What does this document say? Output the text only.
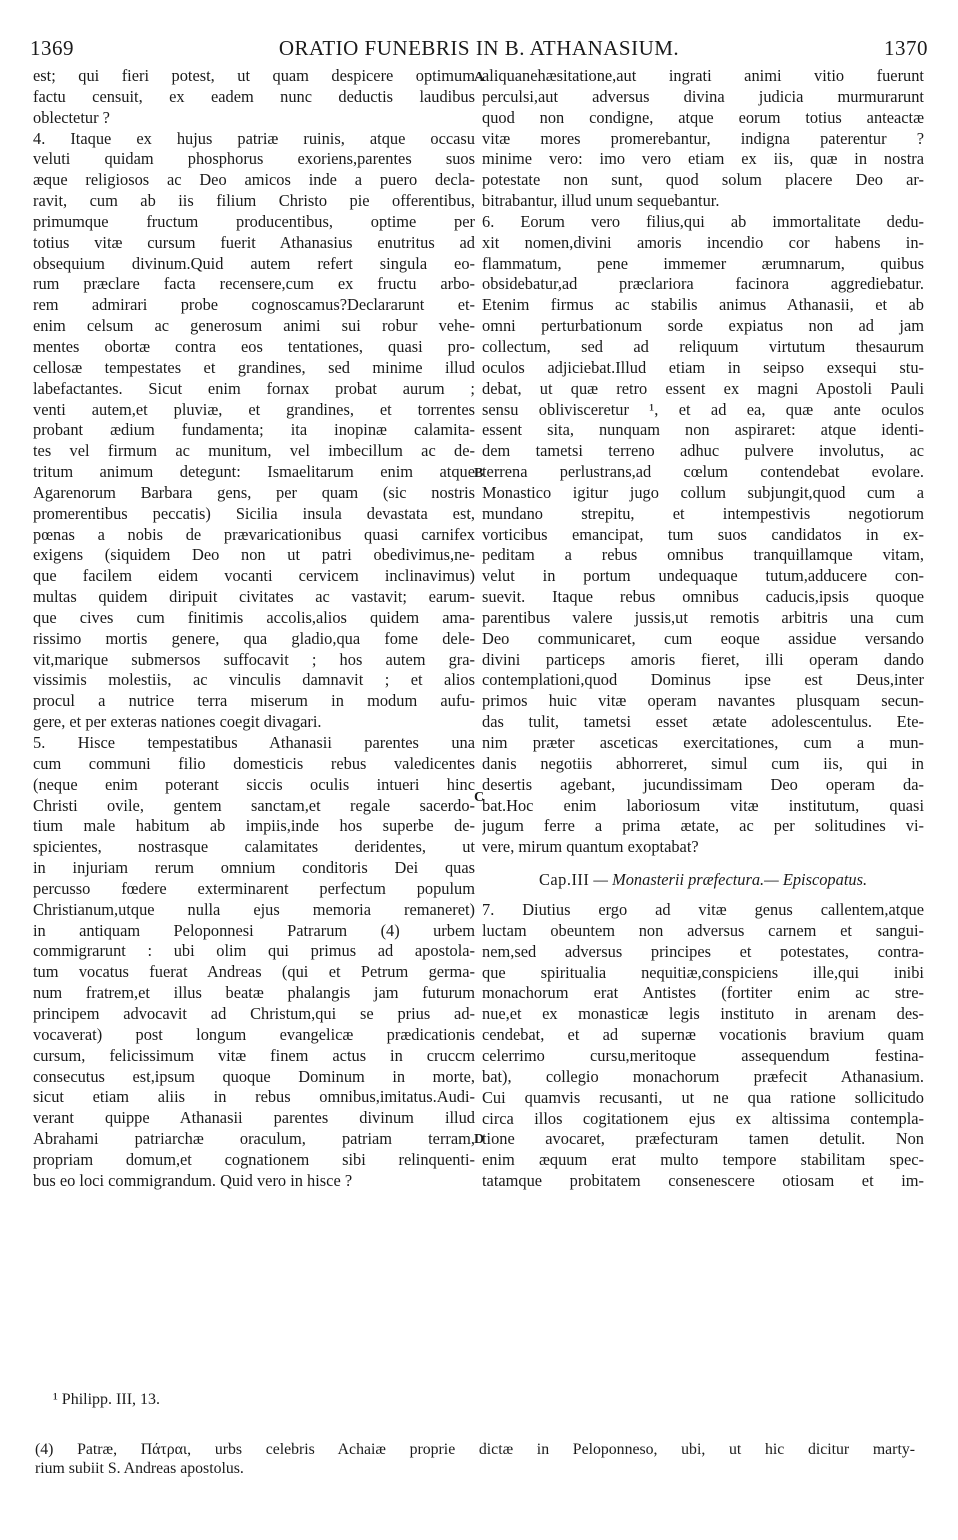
1369	ORATIO FUNEBRIS IN B. ATHANASIUM.	1370
est; qui fieri potest, ut quam despicere optimum
factu censuit, ex eadem nunc deductis laudibus
oblectetur ?
4. Itaque ex hujus patriæ ruinis, atque occasu
veluti quidam phosphorus exoriens,parentes suos
æque religiosos ac Deo amicos inde a puero decla-
ravit, cum ab iis filium Christo pie offerentibus,
primumque fructum producentibus, optime per
totius vitæ cursum fuerit Athanasius enutritus ad
obsequium divinum.Quid autem refert singula eo-
rum præclare facta recensere,cum ex fructu arbo-
rem admirari probe cognoscamus?Declararunt et-
enim celsum ac generosum animi sui robur vehe-
mentes obortæ contra eos tentationes, quasi pro-
cellosæ tempestates et grandines, sed minime illud
labefactantes. Sicut enim fornax probat aurum ;
venti autem,et pluviæ, et grandines, et torrentes
probant ædium fundamenta; ita inopinæ calamita-
tes vel firmum ac munitum, vel imbecillum ac de-
tritum animum detegunt: Ismaelitarum enim atque
Agarenorum Barbara gens, per quam (sic nostris
promerentibus peccatis) Sicilia insula devastata est,
pœnas a nobis de prævaricationibus quasi carnifex
exigens (siquidem Deo non ut patri obedivimus,ne-
que facilem eidem vocanti cervicem inclinavimus)
multas quidem diripuit civitates ac vastavit; earum-
que cives cum finitimis accolis,alios quidem ama-
rissimo mortis genere, qua gladio,qua fome dele-
vit,marique submersos suffocavit ; hos autem gra-
vissimis molestiis, ac vinculis damnavit ; et alios
procul a nutrice terra miserum in modum aufu-
gere, et per exteras nationes coegit divagari.
5. Hisce tempestatibus Athanasii parentes una
cum communi filio domesticis rebus valedicentes
(neque enim poterant siccis oculis intueri hinc
Christi ovile, gentem sanctam,et regale sacerdo-
tium male habitum ab impiis,inde hos superbe de-
spicientes, nostrasque calamitates deridentes, ut
in injuriam rerum omnium conditoris Dei quas
percusso fœdere exterminarent perfectum populum
Christianum,utque nulla ejus memoria remaneret)
in antiquam Peloponnesi Patrarum (4) urbem
commigrarunt : ubi olim qui primus ad apostola-
tum vocatus fuerat Andreas (qui et Petrum germa-
num fratrem,et illus beatæ phalangis jam futurum
principem advocavit ad Christum,qui se prius ad-
vocaverat) post longum evangelicæ prædicationis
cursum, felicissimum vitæ finem actus in cruccm
consecutus est,ipsum quoque Dominum in morte,
sicut etiam aliis in rebus omnibus,imitatus.Audi-
verant quippe Athanasii parentes divinum illud
Abrahami patriarchæ oraculum, patriam terram,
propriam domum,et cognationem sibi relinquenti-
bus eo loci commigrandum. Quid vero in hisce ?
aliquanehæsitatione,aut ingrati animi vitio fuerunt
perculsi,aut adversus divina judicia murmurarunt
quod non condigne, atque eorum totius anteactæ
vitæ mores promerebantur, indigna paterentur ?
minime vero: imo vero etiam ex iis, quæ in nostra
potestate non sunt, quod solum placere Deo ar-
bitrabantur, illud unum sequebantur.
6. Eorum vero filius,qui ab immortalitate dedu-
xit nomen,divini amoris incendio cor habens in-
flammatum, pene immemer ærumnarum, quibus
obsidebatur,ad præclariora facinora aggrediebatur.
Etenim firmus ac stabilis animus Athanasii, et ab
omni perturbationum sorde expiatus non ad jam
collectum, sed ad reliquum virtutum thesaurum
oculos adjiciebat.Illud etiam in seipso exsequi stu-
debat, ut quæ retro essent ex magni Apostoli Pauli
sensu oblivisceretur ¹, et ad ea, quæ ante oculos
essent sita, nunquam non aspiraret: atque identi-
dem tametsi terreno adhuc pulvere involutus, ac
terrena perlustrans,ad cœlum contendebat evolare.
Monastico igitur jugo collum subjungit,quod cum a
mundano strepitu, et intempestivis negotiorum
vorticibus emancipat, tum suos candidatos in ex-
peditam a rebus omnibus tranquillamque vitam,
velut in portum undequaque tutum,adducere con-
suevit. Itaque rebus omnibus caducis,ipsis quoque
parentibus valere jussis,ut remotis arbitris una cum
Deo communicaret, cum eoque assidue versando
divini particeps amoris fieret, illi operam dando
contemplationi,quod Dominus ipse est Deus,inter
primos huic vitæ operam navantes plusquam secun-
das tulit, tametsi esset ætate adolescentulus. Ete-
nim præter asceticas exercitationes, cum a mun-
danis negotiis abhorreret, simul cum iis, qui in
desertis agebant, jucundissimam Deo operam da-
bat.Hoc enim laboriosum vitæ institutum, quasi
jugum ferre a prima ætate, ac per solitudines vi-
vere, mirum quantum exoptabat?
Cap.III — Monasterii præfectura.— Episcopatus.
7. Diutius ergo ad vitæ genus callentem,atque
luctam obeuntem non adversus carnem et sangui-
nem,sed adversus principes et potestates, contra-
que spiritualia nequitiæ,conspiciens ille,qui inibi
monachorum erat Antistes (fortiter enim ac stre-
nue,et ex monasticæ legis instituto in arenam des-
cendebat, et ad supernæ vocationis bravium quam
celerrimo cursu,meritoque assequendum festina-
bat), collegio monachorum præfecit Athanasium.
Cui quamvis recusanti, ut ne qua ratione sollicitudo
circa illos cogitationem ejus ex altissima contempla-
tione avocaret, præfecturam tamen detulit. Non
enim æquum erat multo tempore stabilitam spec-
tatamque probitatem consenescere otiosam et im-
A
B
C
D
¹ Philipp. III, 13.
(4) Patræ, Πάτραι, urbs celebris Achaiæ proprie dictæ in Peloponneso, ubi, ut hic dicitur marty-
rium subiit S. Andreas apostolus.
